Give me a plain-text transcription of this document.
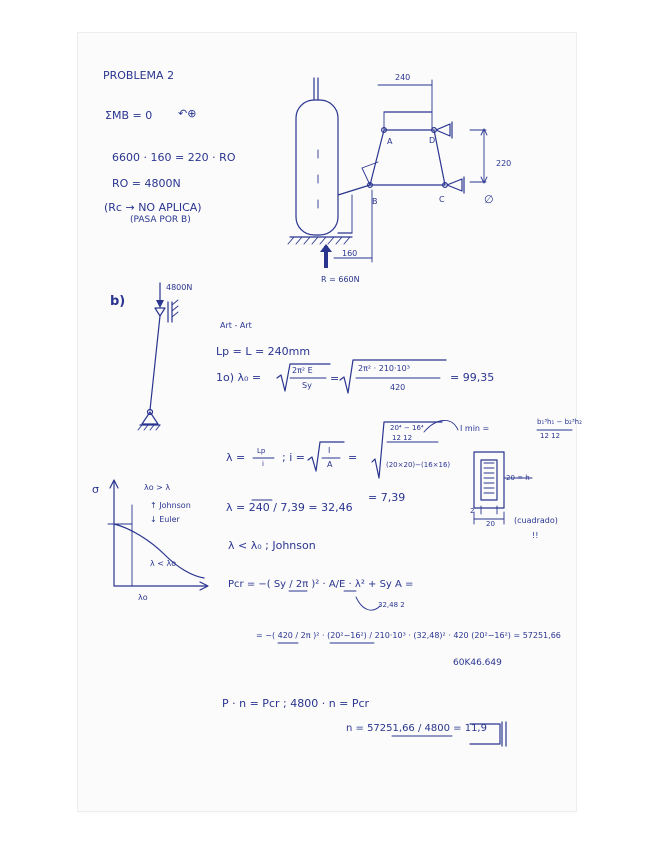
PROBLEMA 2
ΣMB = 0 ↶⊕
6600 · 160 = 220 · RO
RO = 4800N
(Rc → NO APLICA)
(PASA POR B)
240
220
160
A	D
B	C	∅
R = 660N
b)
4800N
Art - Art
Lp = L = 240mm
1o) λ₀ =
2π² E
Sy
=
2π² · 210·10³
420
= 99,35
λ = Lp
i ; i =
I
A
=
20⁴ − 16⁴
12 12
(20×20)−(16×16)
I min =
b₁³h₁ − b₂³h₂
12 12
λ = 240 / 7,39 = 32,46
= 7,39
λ < λ₀ ; Johnson
20 = h
20
2
(cuadrado)
!!
Pcr = −( Sy / 2π )² · A/E · λ² + Sy A =
32,48 2
= −( 420 / 2π )² · (20²−16²) / 210·10³ · (32,48)² · 420 (20²−16²) = 57251,66
60K46.649
P · n = Pcr ; 4800 · n = Pcr
n = 57251,66 / 4800 = 11,9
σ
λo
λo > λ
↑ Johnson
↓ Euler
λ < λo
